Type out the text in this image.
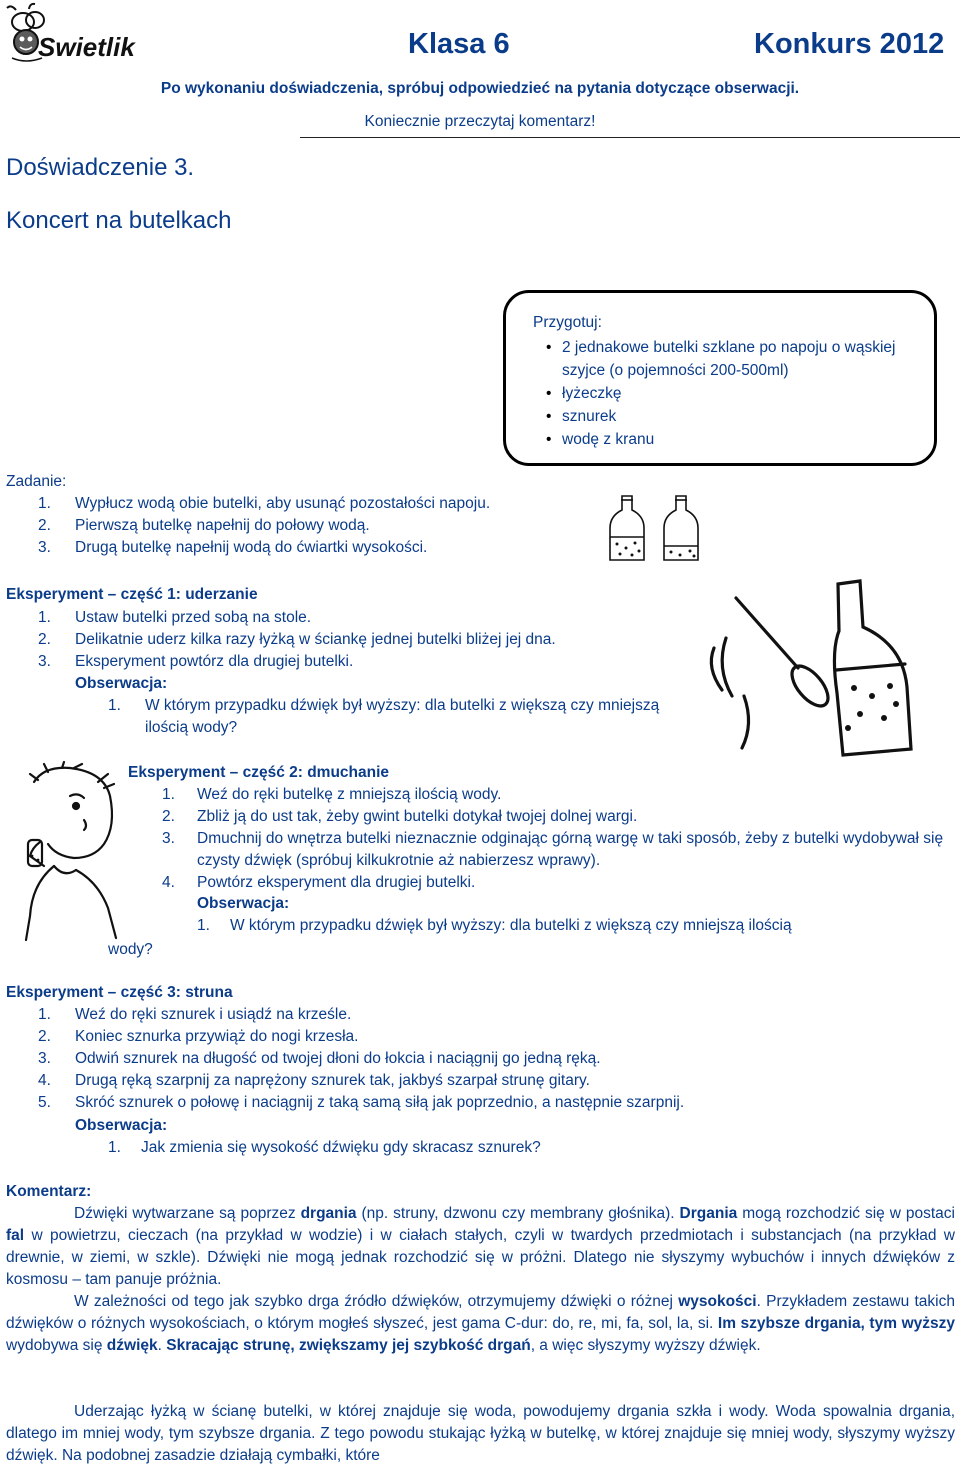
Swietlik	Klasa 6	Konkurs 2012
Po wykonaniu doświadczenia, spróbuj odpowiedzieć na pytania dotyczące obserwacji.
Koniecznie przeczytaj komentarz!
Doświadczenie 3.
Koncert na butelkach
Przygotuj:
• 2 jednakowe butelki szklane po napoju o wąskiej szyjce (o pojemności 200-500ml)
• łyżeczkę
• sznurek
• wodę z kranu
Zadanie:
1. Wypłucz wodą obie butelki, aby usunąć pozostałości napoju.
2. Pierwszą butelkę napełnij do połowy wodą.
3. Drugą butelkę napełnij wodą do ćwiartki wysokości.
Eksperyment – część 1: uderzanie
1. Ustaw butelki przed sobą na stole.
2. Delikatnie uderz kilka razy łyżką w ściankę jednej butelki bliżej jej dna.
3. Eksperyment powtórz dla drugiej butelki.
Obserwacja:
1.	W którym przypadku dźwięk był wyższy: dla butelki z większą czy mniejszą ilością wody?
Eksperyment – część 2: dmuchanie
1. Weź do ręki butelkę z mniejszą ilością wody.
2. Zbliż ją do ust tak, żeby gwint butelki dotykał twojej dolnej wargi.
3. Dmuchnij do wnętrza butelki nieznacznie odginając górną wargę w taki sposób, żeby z butelki wydobywał się czysty dźwięk (spróbuj kilkukrotnie aż nabierzesz wprawy).
4. Powtórz eksperyment dla drugiej butelki.
Obserwacja:
1.	W którym przypadku dźwięk był wyższy: dla butelki z większą czy mniejszą ilością
wody?
Eksperyment – część 3: struna
1. Weź do ręki sznurek i usiądź na krześle.
2. Koniec sznurka przywiąż do nogi krzesła.
3. Odwiń sznurek na długość od twojej dłoni do łokcia i naciągnij go jedną ręką.
4. Drugą ręką szarpnij za naprężony sznurek tak, jakbyś szarpał strunę gitary.
5. Skróć sznurek o połowę i naciągnij z taką samą siłą jak poprzednio, a następnie szarpnij.
Obserwacja:
1.	Jak zmienia się wysokość dźwięku gdy skracasz sznurek?
Komentarz:
Dźwięki wytwarzane są poprzez drgania (np. struny, dzwonu czy membrany głośnika). Drgania mogą rozchodzić się w postaci fal w powietrzu, cieczach (na przykład w wodzie) i w ciałach stałych, czyli w twardych przedmiotach i substancjach (na przykład w drewnie, w ziemi, w szkle). Dźwięki nie mogą jednak rozchodzić się w próżni. Dlatego nie słyszymy wybuchów i innych dźwięków z kosmosu – tam panuje próżnia.
W zależności od tego jak szybko drga źródło dźwięków, otrzymujemy dźwięki o różnej wysokości. Przykładem zestawu takich dźwięków o różnych wysokościach, o którym mogłeś słyszeć, jest gama C-dur: do, re, mi, fa, sol, la, si. Im szybsze drgania, tym wyższy wydobywa się dźwięk. Skracając strunę, zwiększamy jej szybkość drgań, a więc słyszymy wyższy dźwięk.
Uderzając łyżką w ścianę butelki, w której znajduje się woda, powodujemy drgania szkła i wody. Woda spowalnia drgania, dlatego im mniej wody, tym szybsze drgania. Z tego powodu stukając łyżką w butelkę, w której znajduje się mniej wody, słyszymy wyższy dźwięk. Na podobnej zasadzie działają cymbałki, które
